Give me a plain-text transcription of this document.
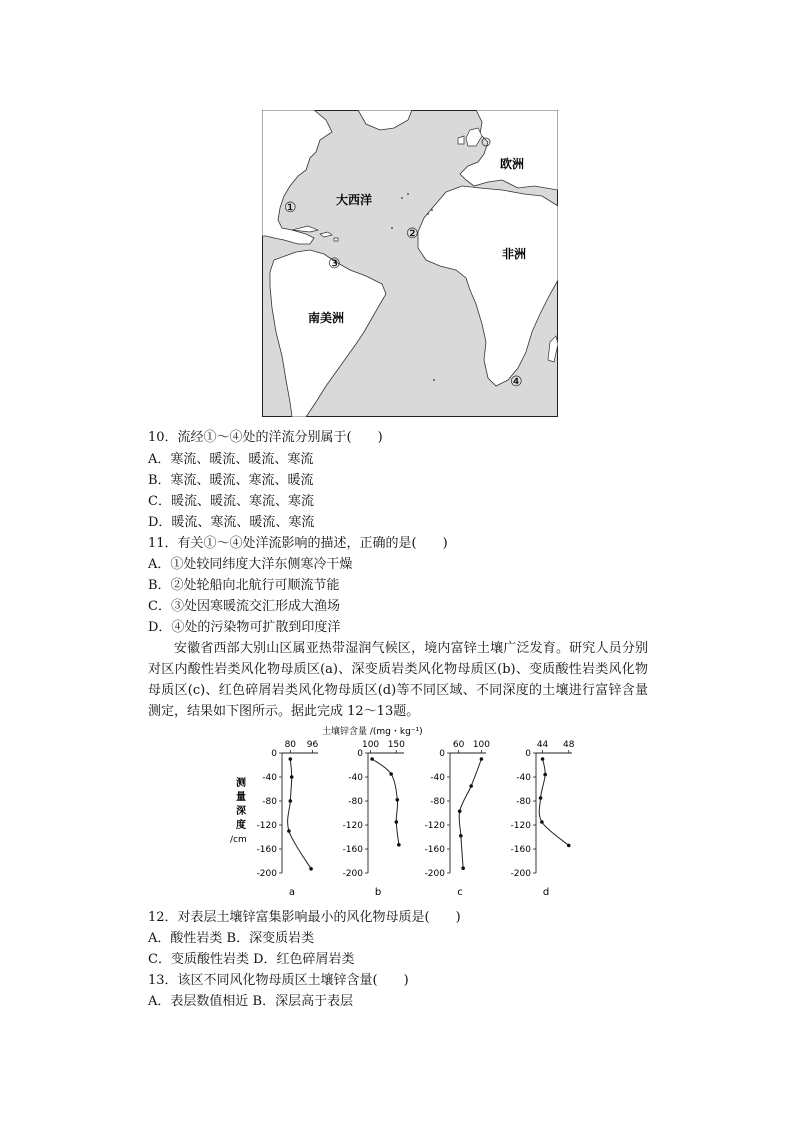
大西洋
欧洲
非洲
南美洲
①
②
③
④
10．流经①～④处的洋流分别属于(　　)
A．寒流、暖流、暖流、寒流
B．寒流、暖流、寒流、暖流
C．暖流、暖流、寒流、寒流
D．暖流、寒流、暖流、寒流
11．有关①～④处洋流影响的描述，正确的是(　　)
A．①处较同纬度大洋东侧寒冷干燥
B．②处轮船向北航行可顺流节能
C．③处因寒暖流交汇形成大渔场
D．④处的污染物可扩散到印度洋
安徽省西部大别山区属亚热带湿润气候区，境内富锌土壤广泛发育。研究人员分别对区内酸性岩类风化物母质区(a)、深变质岩类风化物母质区(b)、变质酸性岩类风化物母质区(c)、红色碎屑岩类风化物母质区(d)等不同区域、不同深度的土壤进行富锌含量测定，结果如下图所示。据此完成 12～13题。
土壤锌含量 /(mg・kg⁻¹)
测
量
深
度
/cm
0
-40
-80
-120
-160
-200
80 96
a
0
-40
-80
-120
-160
-200
100 150
b
0
-40
-80
-120
-160
-200
60 100
c
0
-40
-80
-120
-160
-200
44 48
d
12．对表层土壤锌富集影响最小的风化物母质是(　　)
A．酸性岩类 B．深变质岩类
C．变质酸性岩类 D．红色碎屑岩类
13．该区不同风化物母质区土壤锌含量(　　)
A．表层数值相近 B．深层高于表层
